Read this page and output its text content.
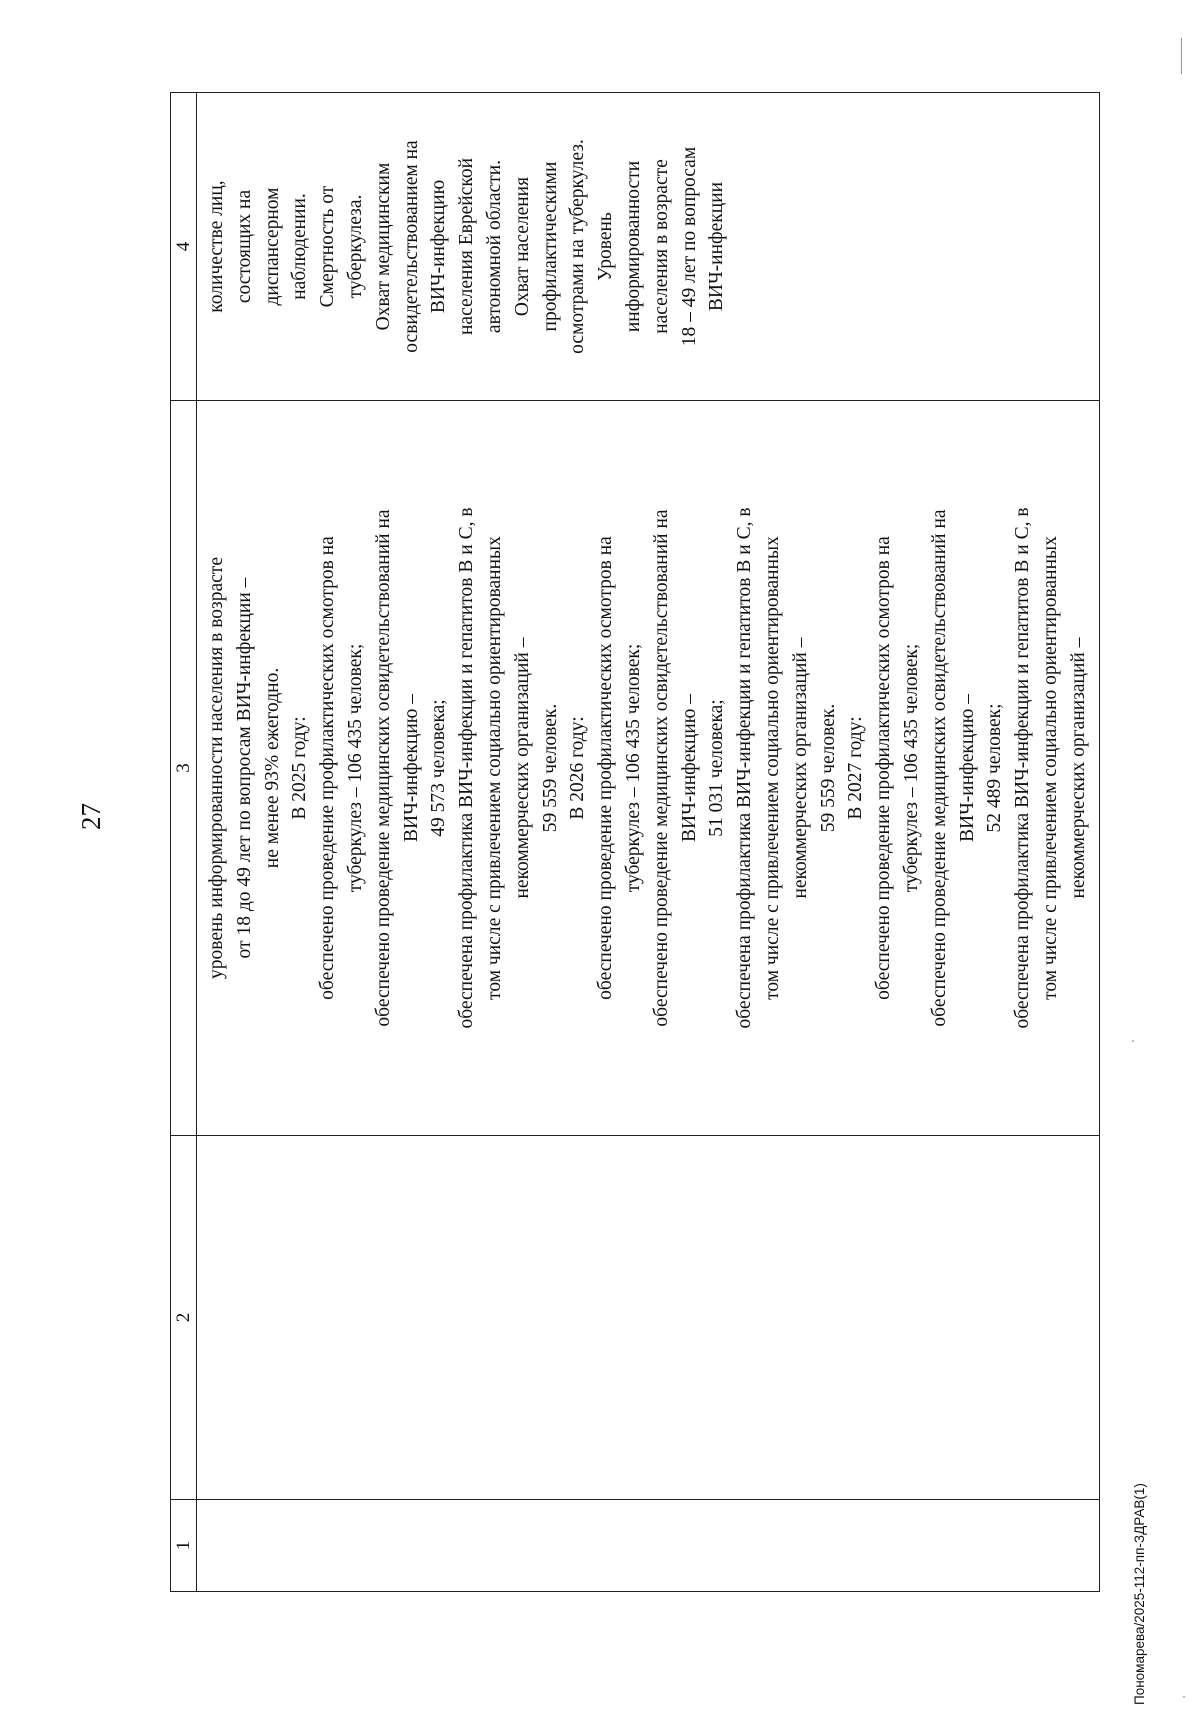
27
1
2
3
4
уровень информированности населения в возрасте от 18 до 49 лет по вопросам ВИЧ-инфекции – не менее 93% ежегодно. В 2025 году: обеспечено проведение профилактических осмотров на туберкулез – 106 435 человек; обеспечено проведение медицинских освидетельствований на ВИЧ-инфекцию – 49 573 человека; обеспечена профилактика ВИЧ-инфекции и гепатитов В и С, в том числе с привлечением социально ориентированных некоммерческих организаций – 59 559 человек. В 2026 году: обеспечено проведение профилактических осмотров на туберкулез – 106 435 человек; обеспечено проведение медицинских освидетельствований на ВИЧ-инфекцию – 51 031 человека; обеспечена профилактика ВИЧ-инфекции и гепатитов В и С, в том числе с привлечением социально ориентированных некоммерческих организаций – 59 559 человек. В 2027 году: обеспечено проведение профилактических осмотров на туберкулез – 106 435 человек; обеспечено проведение медицинских освидетельствований на ВИЧ-инфекцию – 52 489 человек; обеспечена профилактика ВИЧ-инфекции и гепатитов В и С, в том числе с привлечением социально ориентированных некоммерческих организаций –
количестве лиц, состоящих на диспансерном наблюдении. Смертность от туберкулеза. Охват медицинским освидетельствованием на ВИЧ-инфекцию населения Еврейской автономной области. Охват населения профилактическими осмотрами на туберкулез. Уровень информированности населения в возрасте 18 – 49 лет по вопросам ВИЧ-инфекции
Пономарева/2025-112-пп-ЗДРАВ(1)
